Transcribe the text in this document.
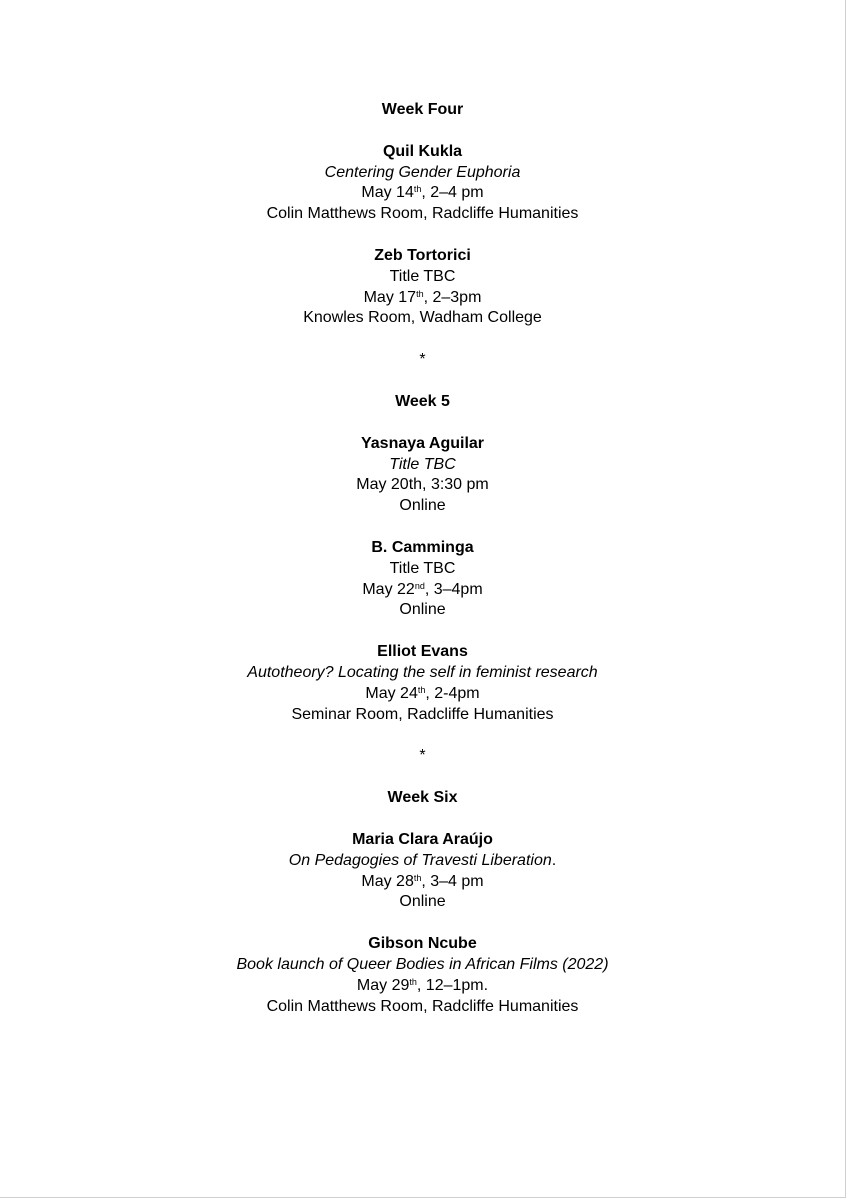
Week Four
Quil Kukla
Centering Gender Euphoria
May 14th, 2–4 pm
Colin Matthews Room, Radcliffe Humanities
Zeb Tortorici
Title TBC
May 17th, 2–3pm
Knowles Room, Wadham College
*
Week 5
Yasnaya Aguilar
Title TBC
May 20th, 3:30 pm
Online
B. Camminga
Title TBC
May 22nd, 3–4pm
Online
Elliot Evans
Autotheory? Locating the self in feminist research
May 24th, 2-4pm
Seminar Room, Radcliffe Humanities
*
Week Six
Maria Clara Araújo
On Pedagogies of Travesti Liberation.
May 28th, 3–4 pm
Online
Gibson Ncube
Book launch of Queer Bodies in African Films (2022)
May 29th, 12–1pm.
Colin Matthews Room, Radcliffe Humanities
